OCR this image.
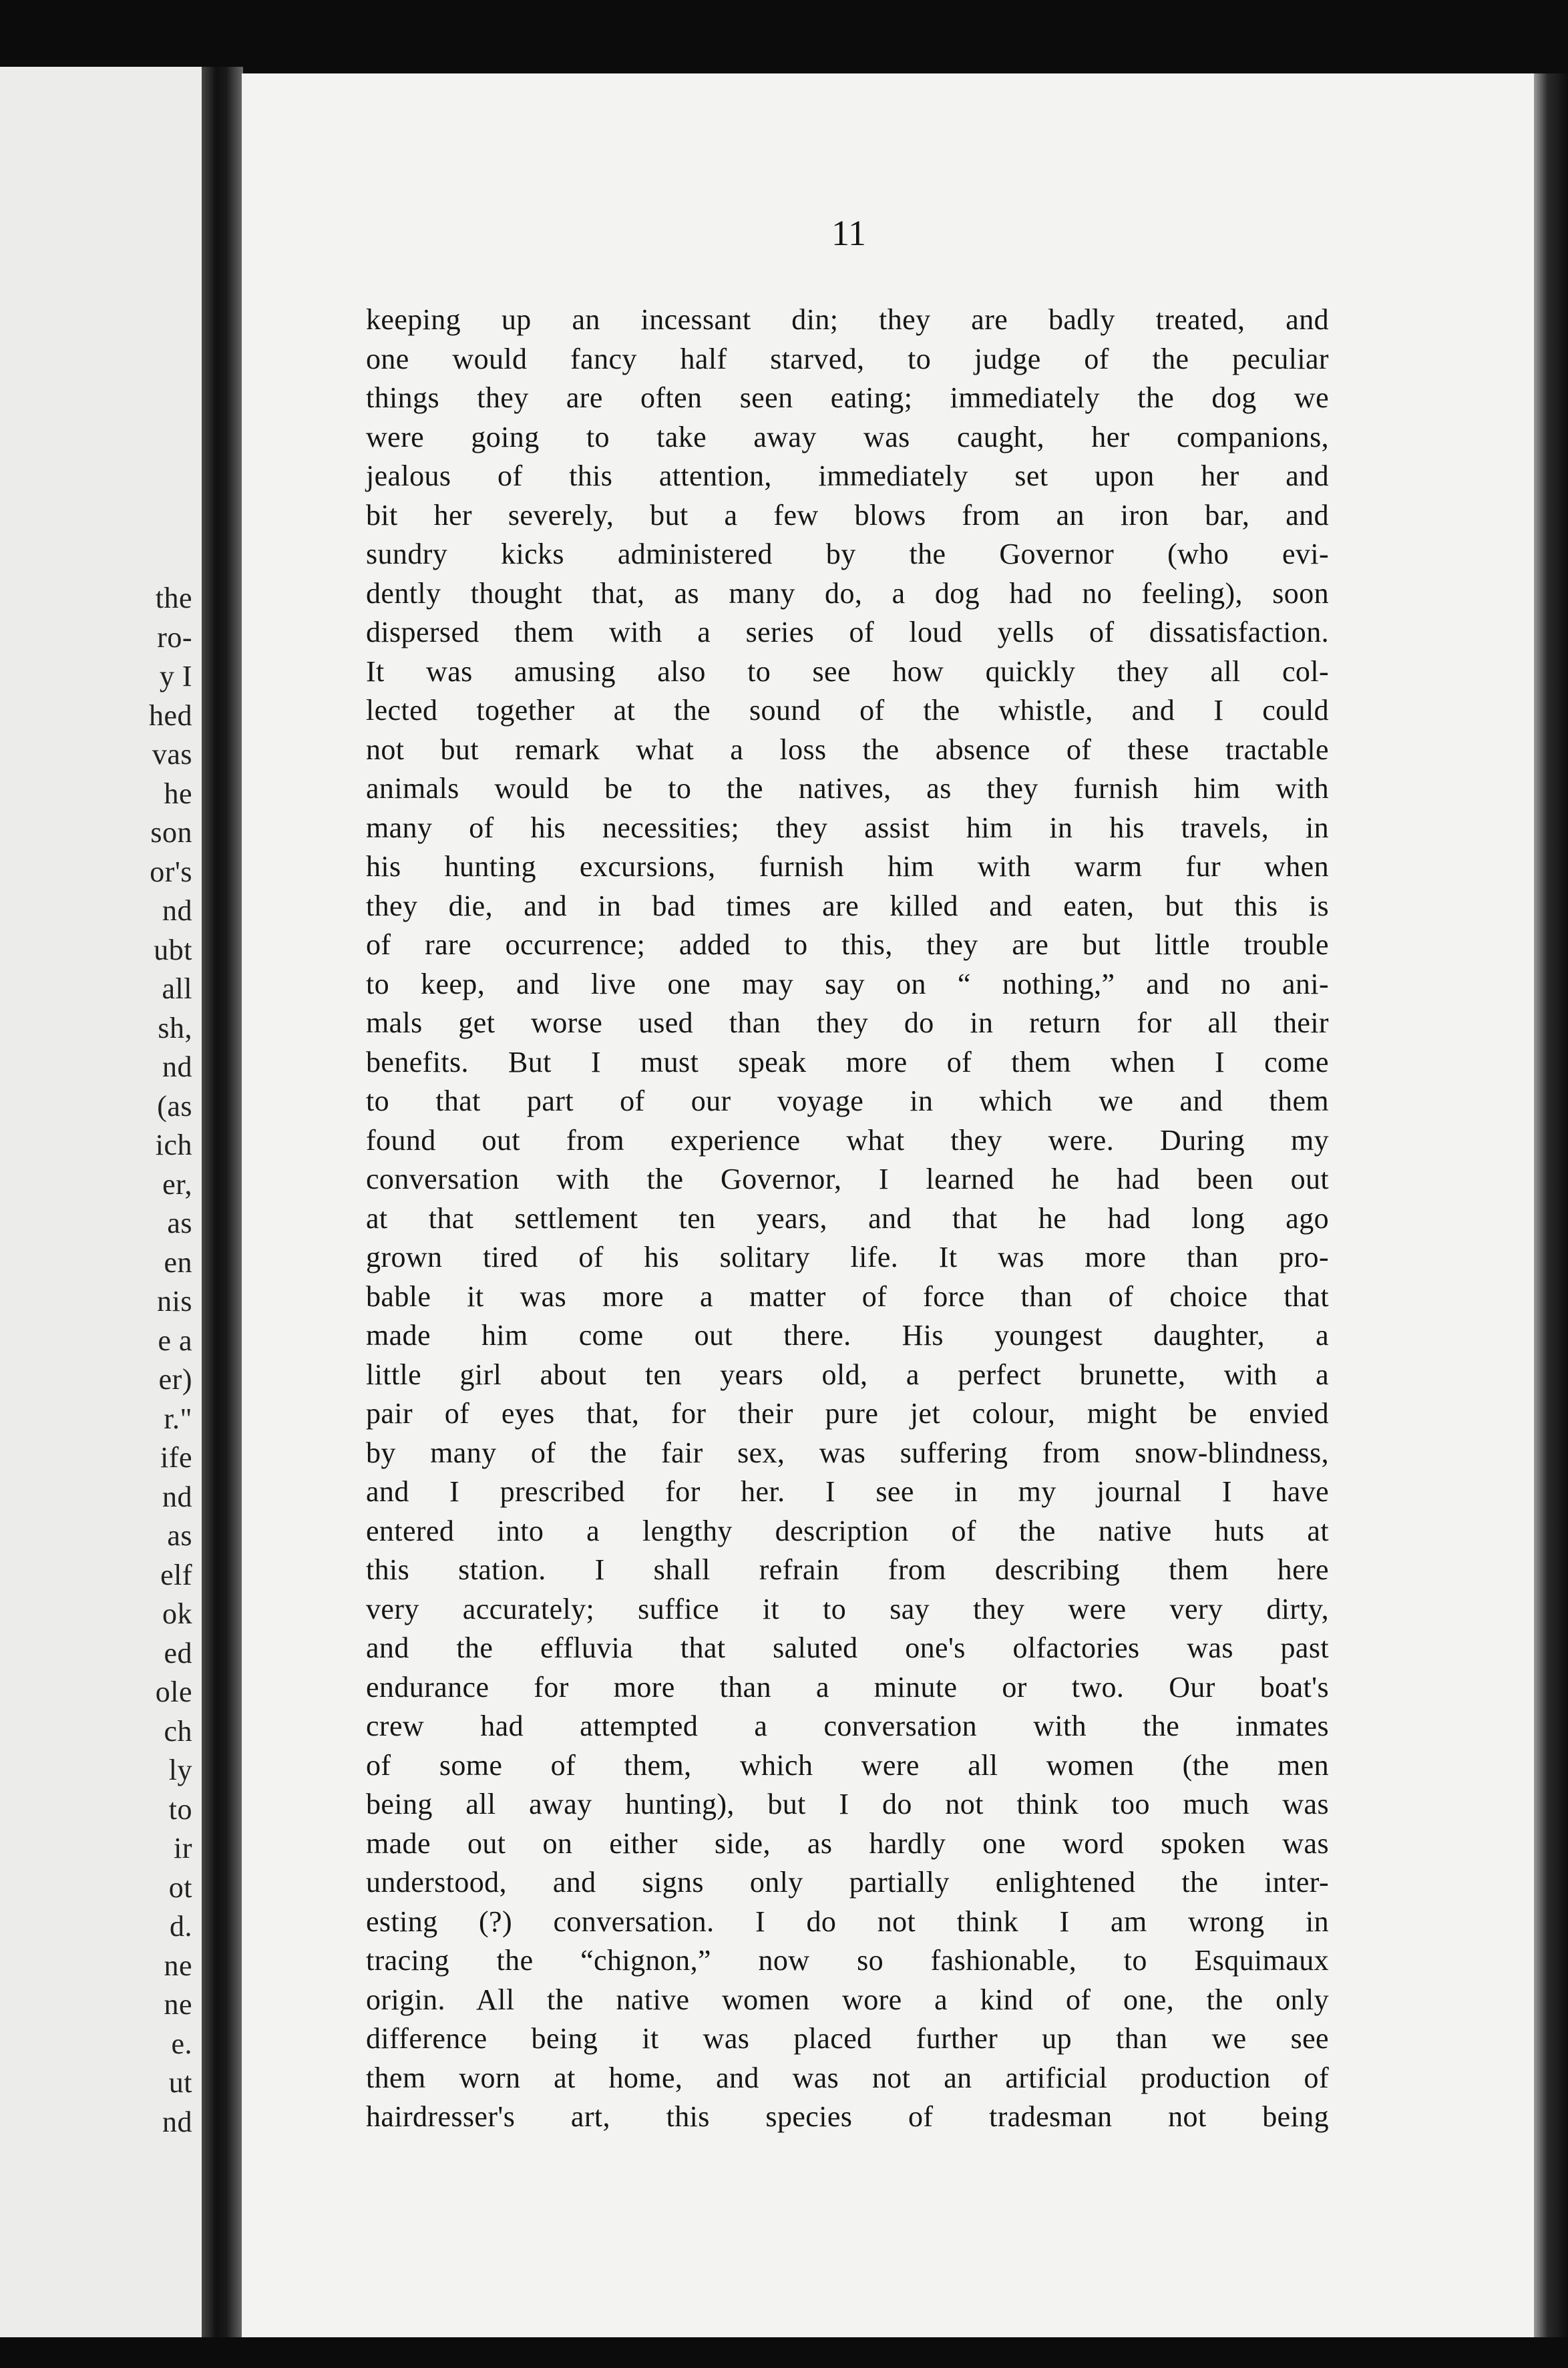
the
ro-
y I
hed
vas
he
son
or's
nd
ubt
all
sh,
nd
(as
ich
er,
as
en
nis
e a
er)
r."
ife
nd
as
elf
ok
ed
ole
ch
ly
to
ir
ot
d.
ne
ne
e.
ut
nd
11
keeping up an incessant din; they are badly treated, and
one would fancy half starved, to judge of the peculiar
things they are often seen eating; immediately the dog we
were going to take away was caught, her companions,
jealous of this attention, immediately set upon her and
bit her severely, but a few blows from an iron bar, and
sundry kicks administered by the Governor (who evi-
dently thought that, as many do, a dog had no feeling), soon
dispersed them with a series of loud yells of dissatisfaction.
It was amusing also to see how quickly they all col-
lected together at the sound of the whistle, and I could
not but remark what a loss the absence of these tractable
animals would be to the natives, as they furnish him with
many of his necessities; they assist him in his travels, in
his hunting excursions, furnish him with warm fur when
they die, and in bad times are killed and eaten, but this is
of rare occurrence; added to this, they are but little trouble
to keep, and live one may say on “ nothing,” and no ani-
mals get worse used than they do in return for all their
benefits. But I must speak more of them when I come
to that part of our voyage in which we and them
found out from experience what they were. During my
conversation with the Governor, I learned he had been out
at that settlement ten years, and that he had long ago
grown tired of his solitary life. It was more than pro-
bable it was more a matter of force than of choice that
made him come out there. His youngest daughter, a
little girl about ten years old, a perfect brunette, with a
pair of eyes that, for their pure jet colour, might be envied
by many of the fair sex, was suffering from snow-blindness,
and I prescribed for her. I see in my journal I have
entered into a lengthy description of the native huts at
this station. I shall refrain from describing them here
very accurately; suffice it to say they were very dirty,
and the effluvia that saluted one's olfactories was past
endurance for more than a minute or two. Our boat's
crew had attempted a conversation with the inmates
of some of them, which were all women (the men
being all away hunting), but I do not think too much was
made out on either side, as hardly one word spoken was
understood, and signs only partially enlightened the inter-
esting (?) conversation. I do not think I am wrong in
tracing the “chignon,” now so fashionable, to Esquimaux
origin. All the native women wore a kind of one, the only
difference being it was placed further up than we see
them worn at home, and was not an artificial production of
hairdresser's art, this species of tradesman not being
